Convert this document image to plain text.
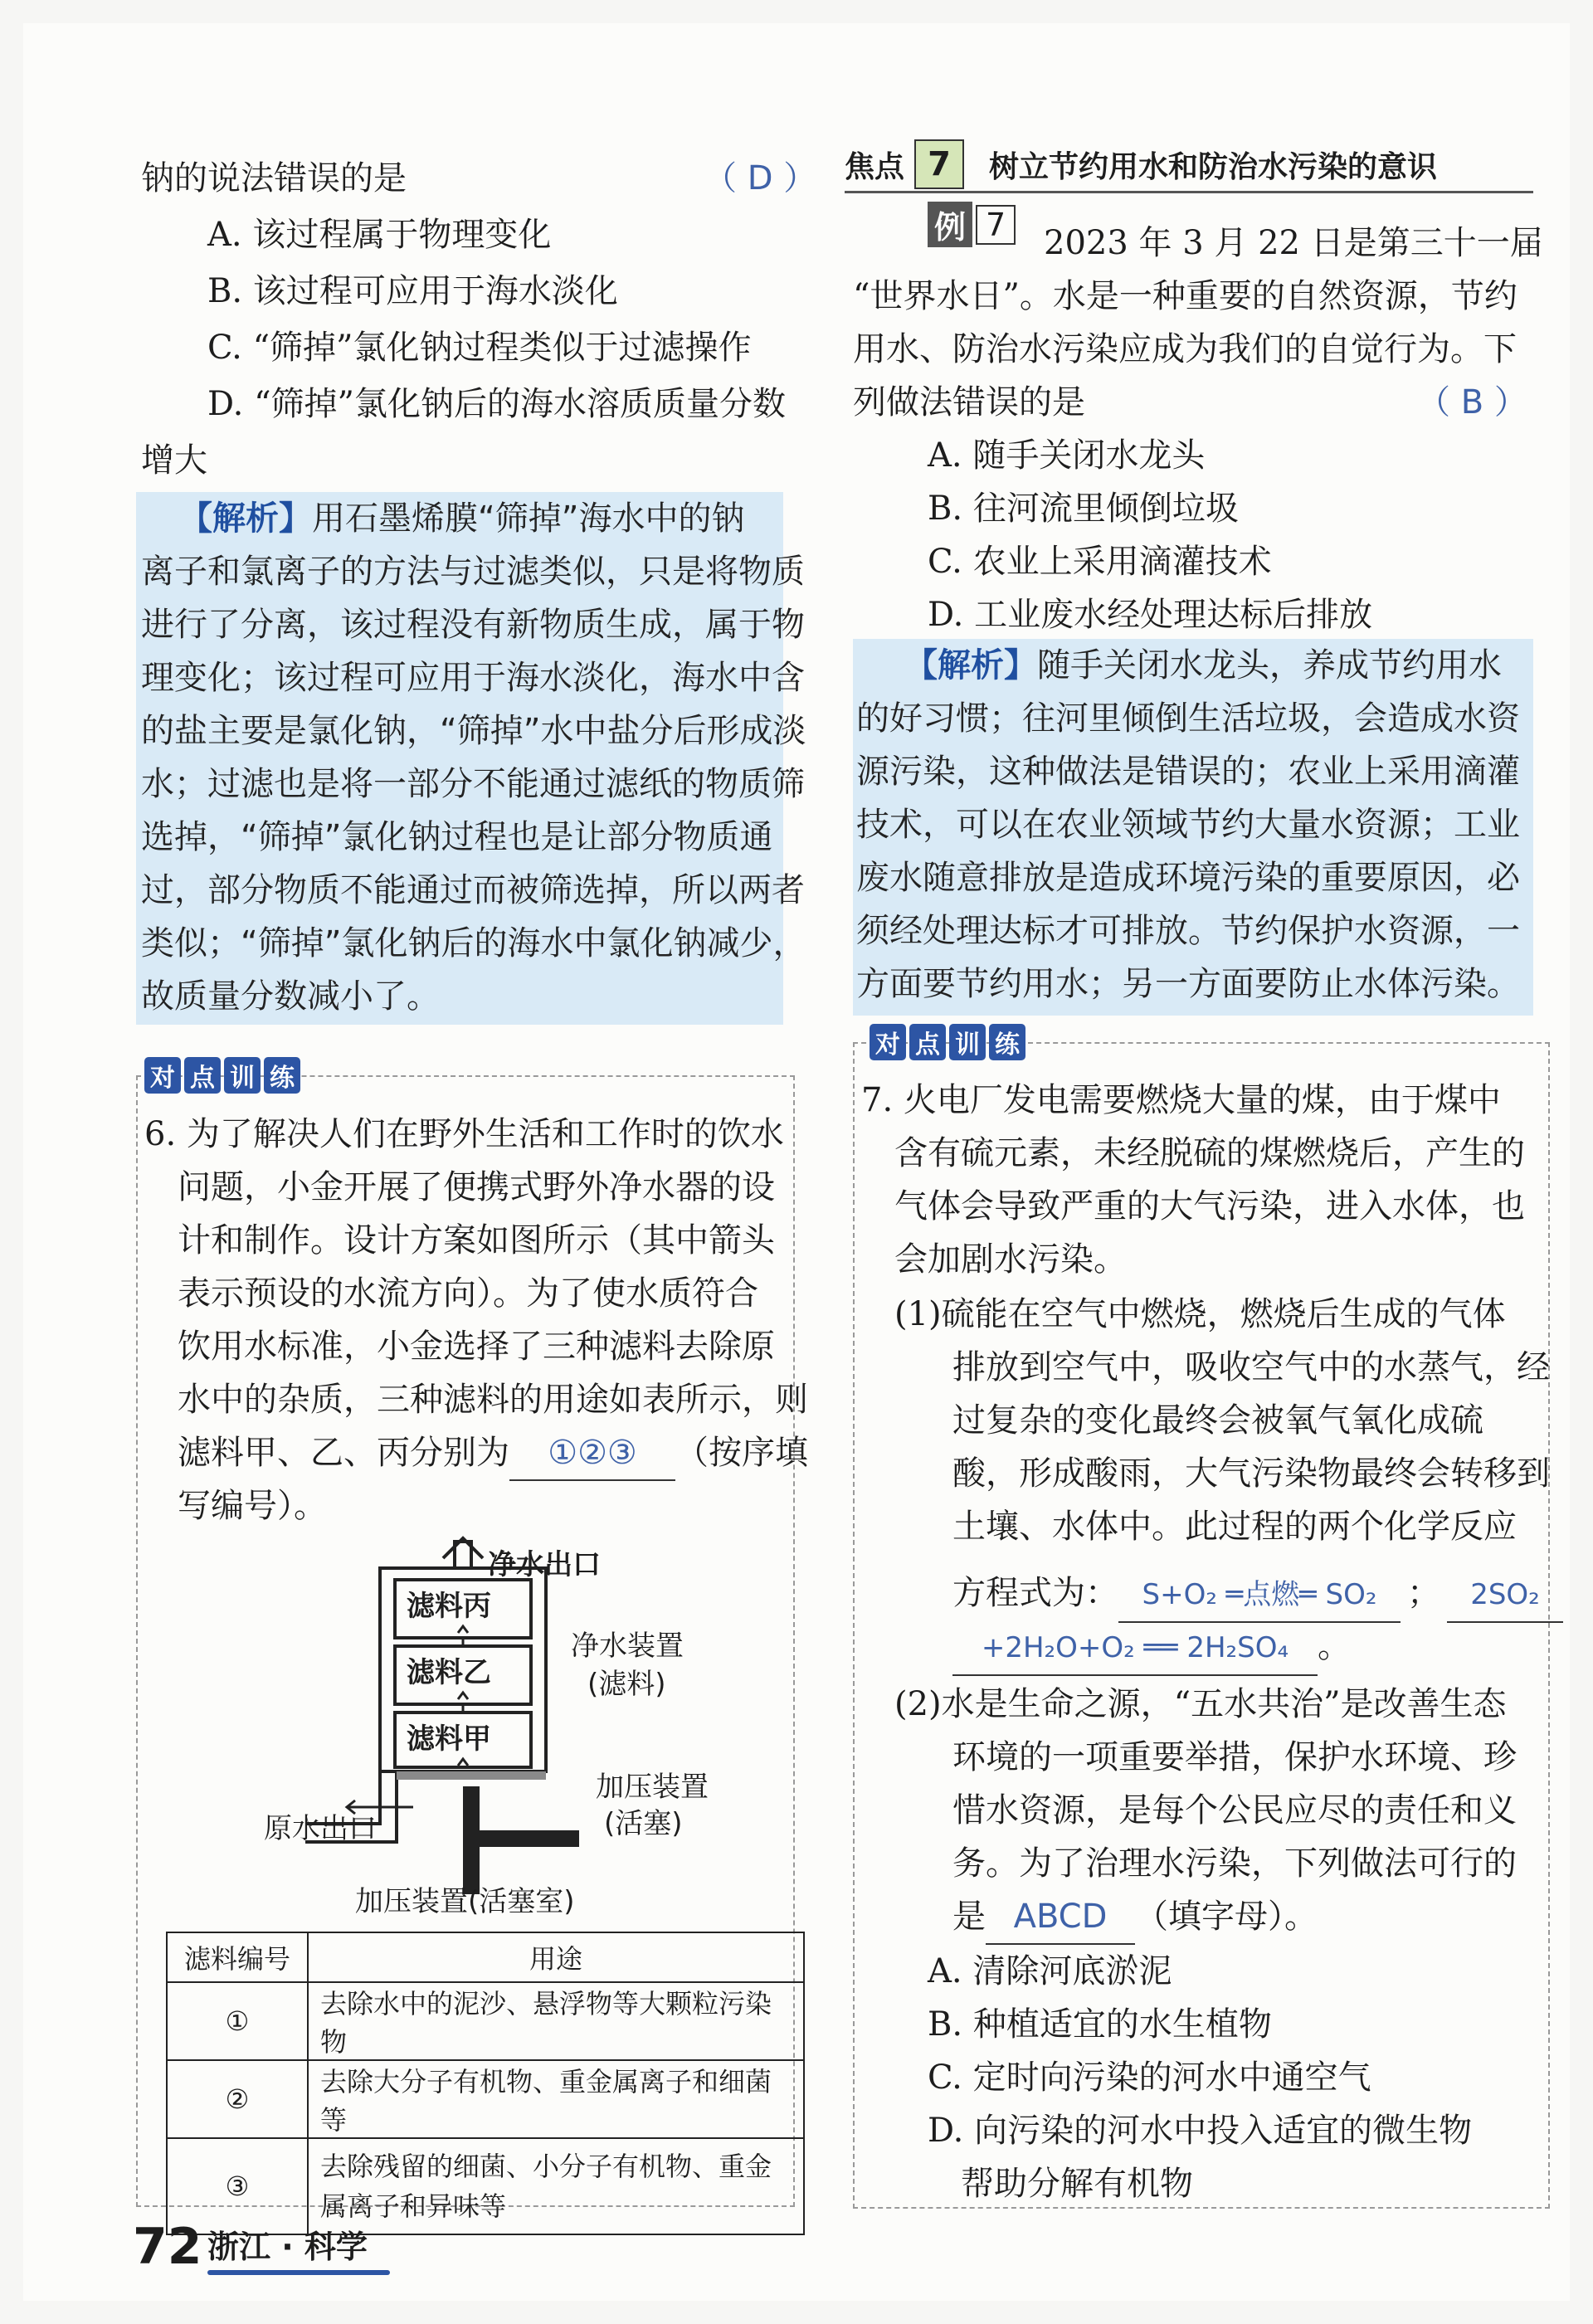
钠的说法错误的是	（ D ）
A. 该过程属于物理变化
B. 该过程可应用于海水淡化
C. “筛掉”氯化钠过程类似于过滤操作
D. “筛掉”氯化钠后的海水溶质质量分数
增大
【解析】用石墨烯膜“筛掉”海水中的钠
离子和氯离子的方法与过滤类似，只是将物质
进行了分离，该过程没有新物质生成，属于物
理变化；该过程可应用于海水淡化，海水中含
的盐主要是氯化钠，“筛掉”水中盐分后形成淡
水；过滤也是将一部分不能通过滤纸的物质筛
选掉，“筛掉”氯化钠过程也是让部分物质通
过，部分物质不能通过而被筛选掉，所以两者
类似；“筛掉”氯化钠后的海水中氯化钠减少，
故质量分数减小了。
对 点 训 练
6. 为了解决人们在野外生活和工作时的饮水
问题，小金开展了便携式野外净水器的设
计和制作。设计方案如图所示（其中箭头
表示预设的水流方向）。为了使水质符合
饮用水标准，小金选择了三种滤料去除原
水中的杂质，三种滤料的用途如表所示，则
滤料甲、乙、丙分别为 ①②③ （按序填
写编号）。
净水出口
滤料丙
滤料乙
滤料甲
净水装置
(滤料)
加压装置
(活塞)
原水出口
加压装置(活塞室)
滤料编号	用途
①	去除水中的泥沙、悬浮物等大颗粒污染物
②	去除大分子有机物、重金属离子和细菌等
③	去除残留的细菌、小分子有机物、重金属离子和异味等
焦点 7	树立节约用水和防治水污染的意识
例 7	2023 年 3 月 22 日是第三十一届
“世界水日”。水是一种重要的自然资源，节约
用水、防治水污染应成为我们的自觉行为。下
列做法错误的是	（ B ）
A. 随手关闭水龙头
B. 往河流里倾倒垃圾
C. 农业上采用滴灌技术
D. 工业废水经处理达标后排放
【解析】随手关闭水龙头，养成节约用水
的好习惯；往河里倾倒生活垃圾，会造成水资
源污染，这种做法是错误的；农业上采用滴灌
技术，可以在农业领域节约大量水资源；工业
废水随意排放是造成环境污染的重要原因，必
须经处理达标才可排放。节约保护水资源，一
方面要节约用水；另一方面要防止水体污染。
对 点 训 练
7. 火电厂发电需要燃烧大量的煤，由于煤中
含有硫元素，未经脱硫的煤燃烧后，产生的
气体会导致严重的大气污染，进入水体，也
会加剧水污染。
(1)硫能在空气中燃烧，燃烧后生成的气体
排放到空气中，吸收空气中的水蒸气，经
过复杂的变化最终会被氧气氧化成硫
酸，形成酸雨，大气污染物最终会转移到
土壤、水体中。此过程的两个化学反应
方程式为： S+O₂ ═点燃═ SO₂ ； 2SO₂
+2H₂O+O₂ ══ 2H₂SO₄ 。
(2)水是生命之源，“五水共治”是改善生态
环境的一项重要举措，保护水环境、珍
惜水资源，是每个公民应尽的责任和义
务。为了治理水污染，下列做法可行的
是 ABCD （填字母）。
A. 清除河底淤泥
B. 种植适宜的水生植物
C. 定时向污染的河水中通空气
D. 向污染的河水中投入适宜的微生物
帮助分解有机物
72 浙江 · 科学
